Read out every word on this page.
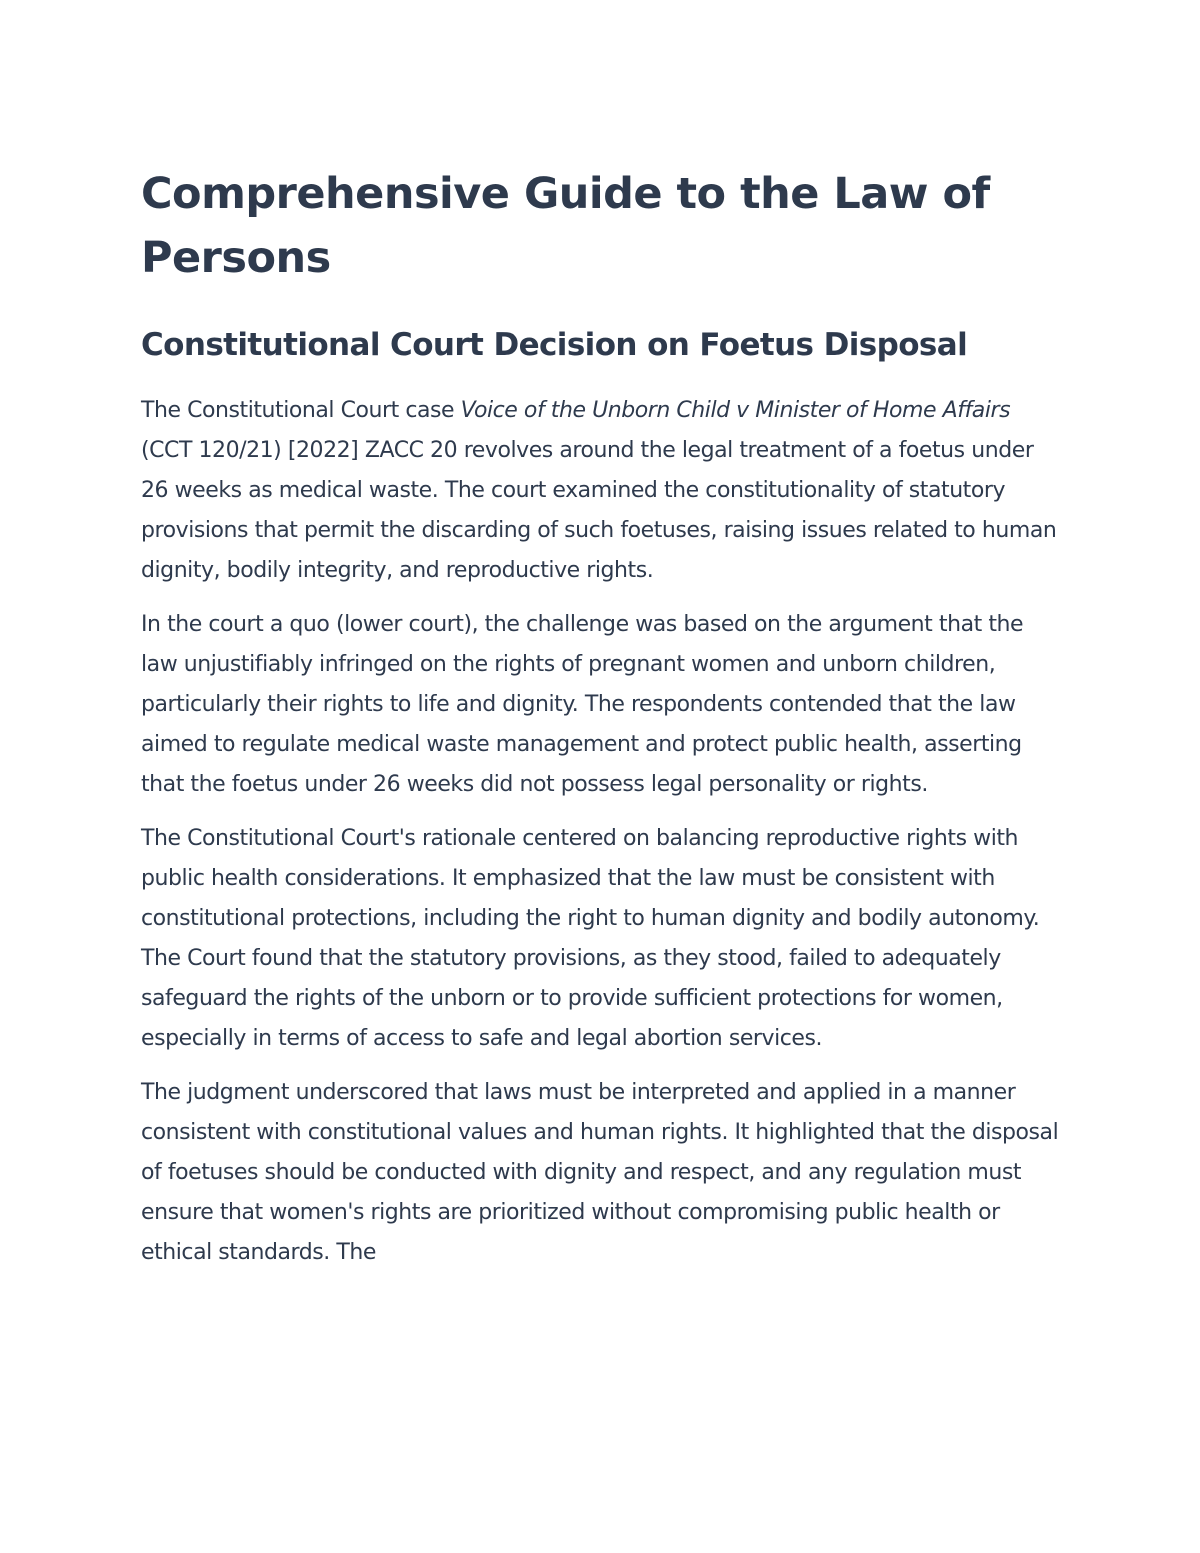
Comprehensive Guide to the Law of Persons
Constitutional Court Decision on Foetus Disposal

The Constitutional Court case Voice of the Unborn Child v Minister of Home Affairs (CCT 120/21) [2022] ZACC 20 revolves around the legal treatment of a foetus under 26 weeks as medical waste. The court examined the constitutionality of statutory provisions that permit the discarding of such foetuses, raising issues related to human dignity, bodily integrity, and reproductive rights.

In the court a quo (lower court), the challenge was based on the argument that the law unjustifiably infringed on the rights of pregnant women and unborn children, particularly their rights to life and dignity. The respondents contended that the law aimed to regulate medical waste management and protect public health, asserting that the foetus under 26 weeks did not possess legal personality or rights.

The Constitutional Court's rationale centered on balancing reproductive rights with public health considerations. It emphasized that the law must be consistent with constitutional protections, including the right to human dignity and bodily autonomy. The Court found that the statutory provisions, as they stood, failed to adequately safeguard the rights of the unborn or to provide sufficient protections for women, especially in terms of access to safe and legal abortion services.

The judgment underscored that laws must be interpreted and applied in a manner consistent with constitutional values and human rights. It highlighted that the disposal of foetuses should be conducted with dignity and respect, and any regulation must ensure that women's rights are prioritized without compromising public health or ethical standards. The
